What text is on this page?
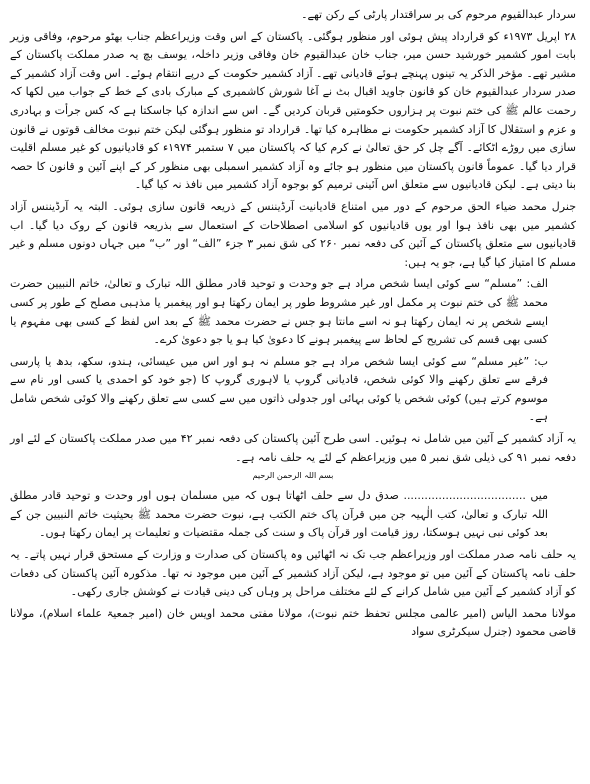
سردار عبدالقیوم مرحوم کی بر سراقتدار پارٹی کے رکن تھے۔

۲۸ اپریل ۱۹۷۳ء کو قرارداد پیش ہوئی اور منظور ہوگئی۔ پاکستان کے اس وقت وزیراعظم جناب بھٹو مرحوم، وفاقی وزیر بابت امور کشمیر خورشید حسن میر، جناب خان عبدالقیوم خان وفاقی وزیر داخلہ، یوسف بچ یہ صدر مملکت پاکستان کے مشیر تھے۔ مؤخر الذکر یہ تینوں پہنچے ہوئے قادیانی تھے۔ آزاد کشمیر حکومت کے درپے انتقام ہوئے۔ اس وقت آزاد کشمیر کے صدر سردار عبدالقیوم خان کو قانون جاوید اقبال بٹ نے آغا شورش کاشمیری کے مبارک بادی کے خط کے جواب میں لکھا کہ رحمت عالم ﷺ کی ختم نبوت پر ہزاروں حکومتیں قربان کردیں گے۔ اس سے اندازہ کیا جاسکتا ہے کہ کس جرأت و بہادری و عزم و استقلال کا آزاد کشمیر حکومت نے مظاہرہ کیا تھا۔ قرارداد تو منظور ہوگئی لیکن ختم نبوت مخالف قوتوں نے قانون سازی میں روڑے اٹکائے۔ آگے چل کر حق تعالیٰ نے کرم کیا کہ پاکستان میں ۷ ستمبر ۱۹۷۴ء کو قادیانیوں کو غیر مسلم اقلیت قرار دیا گیا۔ عموماً قانون پاکستان میں منظور ہو جائے وہ آزاد کشمیر اسمبلی بھی منظور کر کے اپنے آئین و قانون کا حصہ بنا دیتی ہے۔ لیکن قادیانیوں سے متعلق اس آئینی ترمیم کو بوجوہ آزاد کشمیر میں نافذ نہ کیا گیا۔

جنرل محمد ضیاء الحق مرحوم کے دور میں امتناع قادیانیت آرڈیننس کے ذریعہ قانون سازی ہوئی۔ البتہ یہ آرڈیننس آزاد کشمیر میں بھی نافذ ہوا اور یوں قادیانیوں کو اسلامی اصطلاحات کے استعمال سے بذریعہ قانون کے روک دیا گیا۔ اب قادیانیوں سے متعلق پاکستان کے آئین کی دفعہ نمبر ۲۶۰ کی شق نمبر ۳ جزء ”الف“ اور ”ب“ میں جہاں دونوں مسلم و غیر مسلم کا امتیاز کیا گیا ہے، جو یہ ہیں:

الف: ”مسلم“ سے کوئی ایسا شخص مراد ہے جو وحدت و توحید قادر مطلق اللہ تبارک و تعالیٰ، خاتم النبیین حضرت محمد ﷺ کی ختم نبوت پر مکمل اور غیر مشروط طور پر ایمان رکھتا ہو اور پیغمبر یا مذہبی مصلح کے طور پر کسی ایسے شخص پر نہ ایمان رکھتا ہو نہ اسے مانتا ہو جس نے حضرت محمد ﷺ کے بعد اس لفظ کے کسی بھی مفہوم یا کسی بھی قسم کی تشریح کے لحاظ سے پیغمبر ہونے کا دعویٰ کیا ہو یا جو دعویٰ کرے۔

ب: ”غیر مسلم“ سے کوئی ایسا شخص مراد ہے جو مسلم نہ ہو اور اس میں عیسائی، ہندو، سکھ، بدھ یا پارسی فرقے سے تعلق رکھنے والا کوئی شخص، قادیانی گروپ یا لاہوری گروپ کا (جو خود کو احمدی یا کسی اور نام سے موسوم کرتے ہیں) کوئی شخص یا کوئی بہائی اور جدولی ذاتوں میں سے کسی سے تعلق رکھنے والا کوئی شخص شامل ہے۔

یہ آزاد کشمیر کے آئین میں شامل نہ ہوئیں۔ اسی طرح آئین پاکستان کی دفعہ نمبر ۴۲ میں صدر مملکت پاکستان کے لئے اور دفعہ نمبر ۹۱ کی ذیلی شق نمبر ۵ میں وزیراعظم کے لئے یہ حلف نامہ ہے۔

بسم اللہ الرحمن الرحیم

میں ................................... صدق دل سے حلف اٹھاتا ہوں کہ میں مسلمان ہوں اور وحدت و توحید قادر مطلق اللہ تبارک و تعالیٰ، کتب الٰہیہ جن میں قرآن پاک ختم الکتب ہے، نبوت حضرت محمد ﷺ بحیثیت خاتم النبیین جن کے بعد کوئی نبی نہیں ہوسکتا، روز قیامت اور قرآن پاک و سنت کی جملہ مقتضیات و تعلیمات پر ایمان رکھتا ہوں۔

یہ حلف نامہ صدر مملکت اور وزیراعظم جب تک نہ اٹھائیں وہ پاکستان کی صدارت و وزارت کے مستحق قرار نہیں پاتے۔ یہ حلف نامہ پاکستان کے آئین میں تو موجود ہے، لیکن آزاد کشمیر کے آئین میں موجود نہ تھا۔ مذکورہ آئین پاکستان کی دفعات کو آزاد کشمیر کے آئین میں شامل کرانے کے لئے مختلف مراحل پر وہاں کی دینی قیادت نے کوشش جاری رکھی۔

مولانا محمد الیاس (امیر عالمی مجلس تحفظ ختم نبوت)، مولانا مفتی محمد اویس خان (امیر جمعیۃ علماء اسلام)، مولانا قاضی محمود (جنرل سیکرٹری سواد
